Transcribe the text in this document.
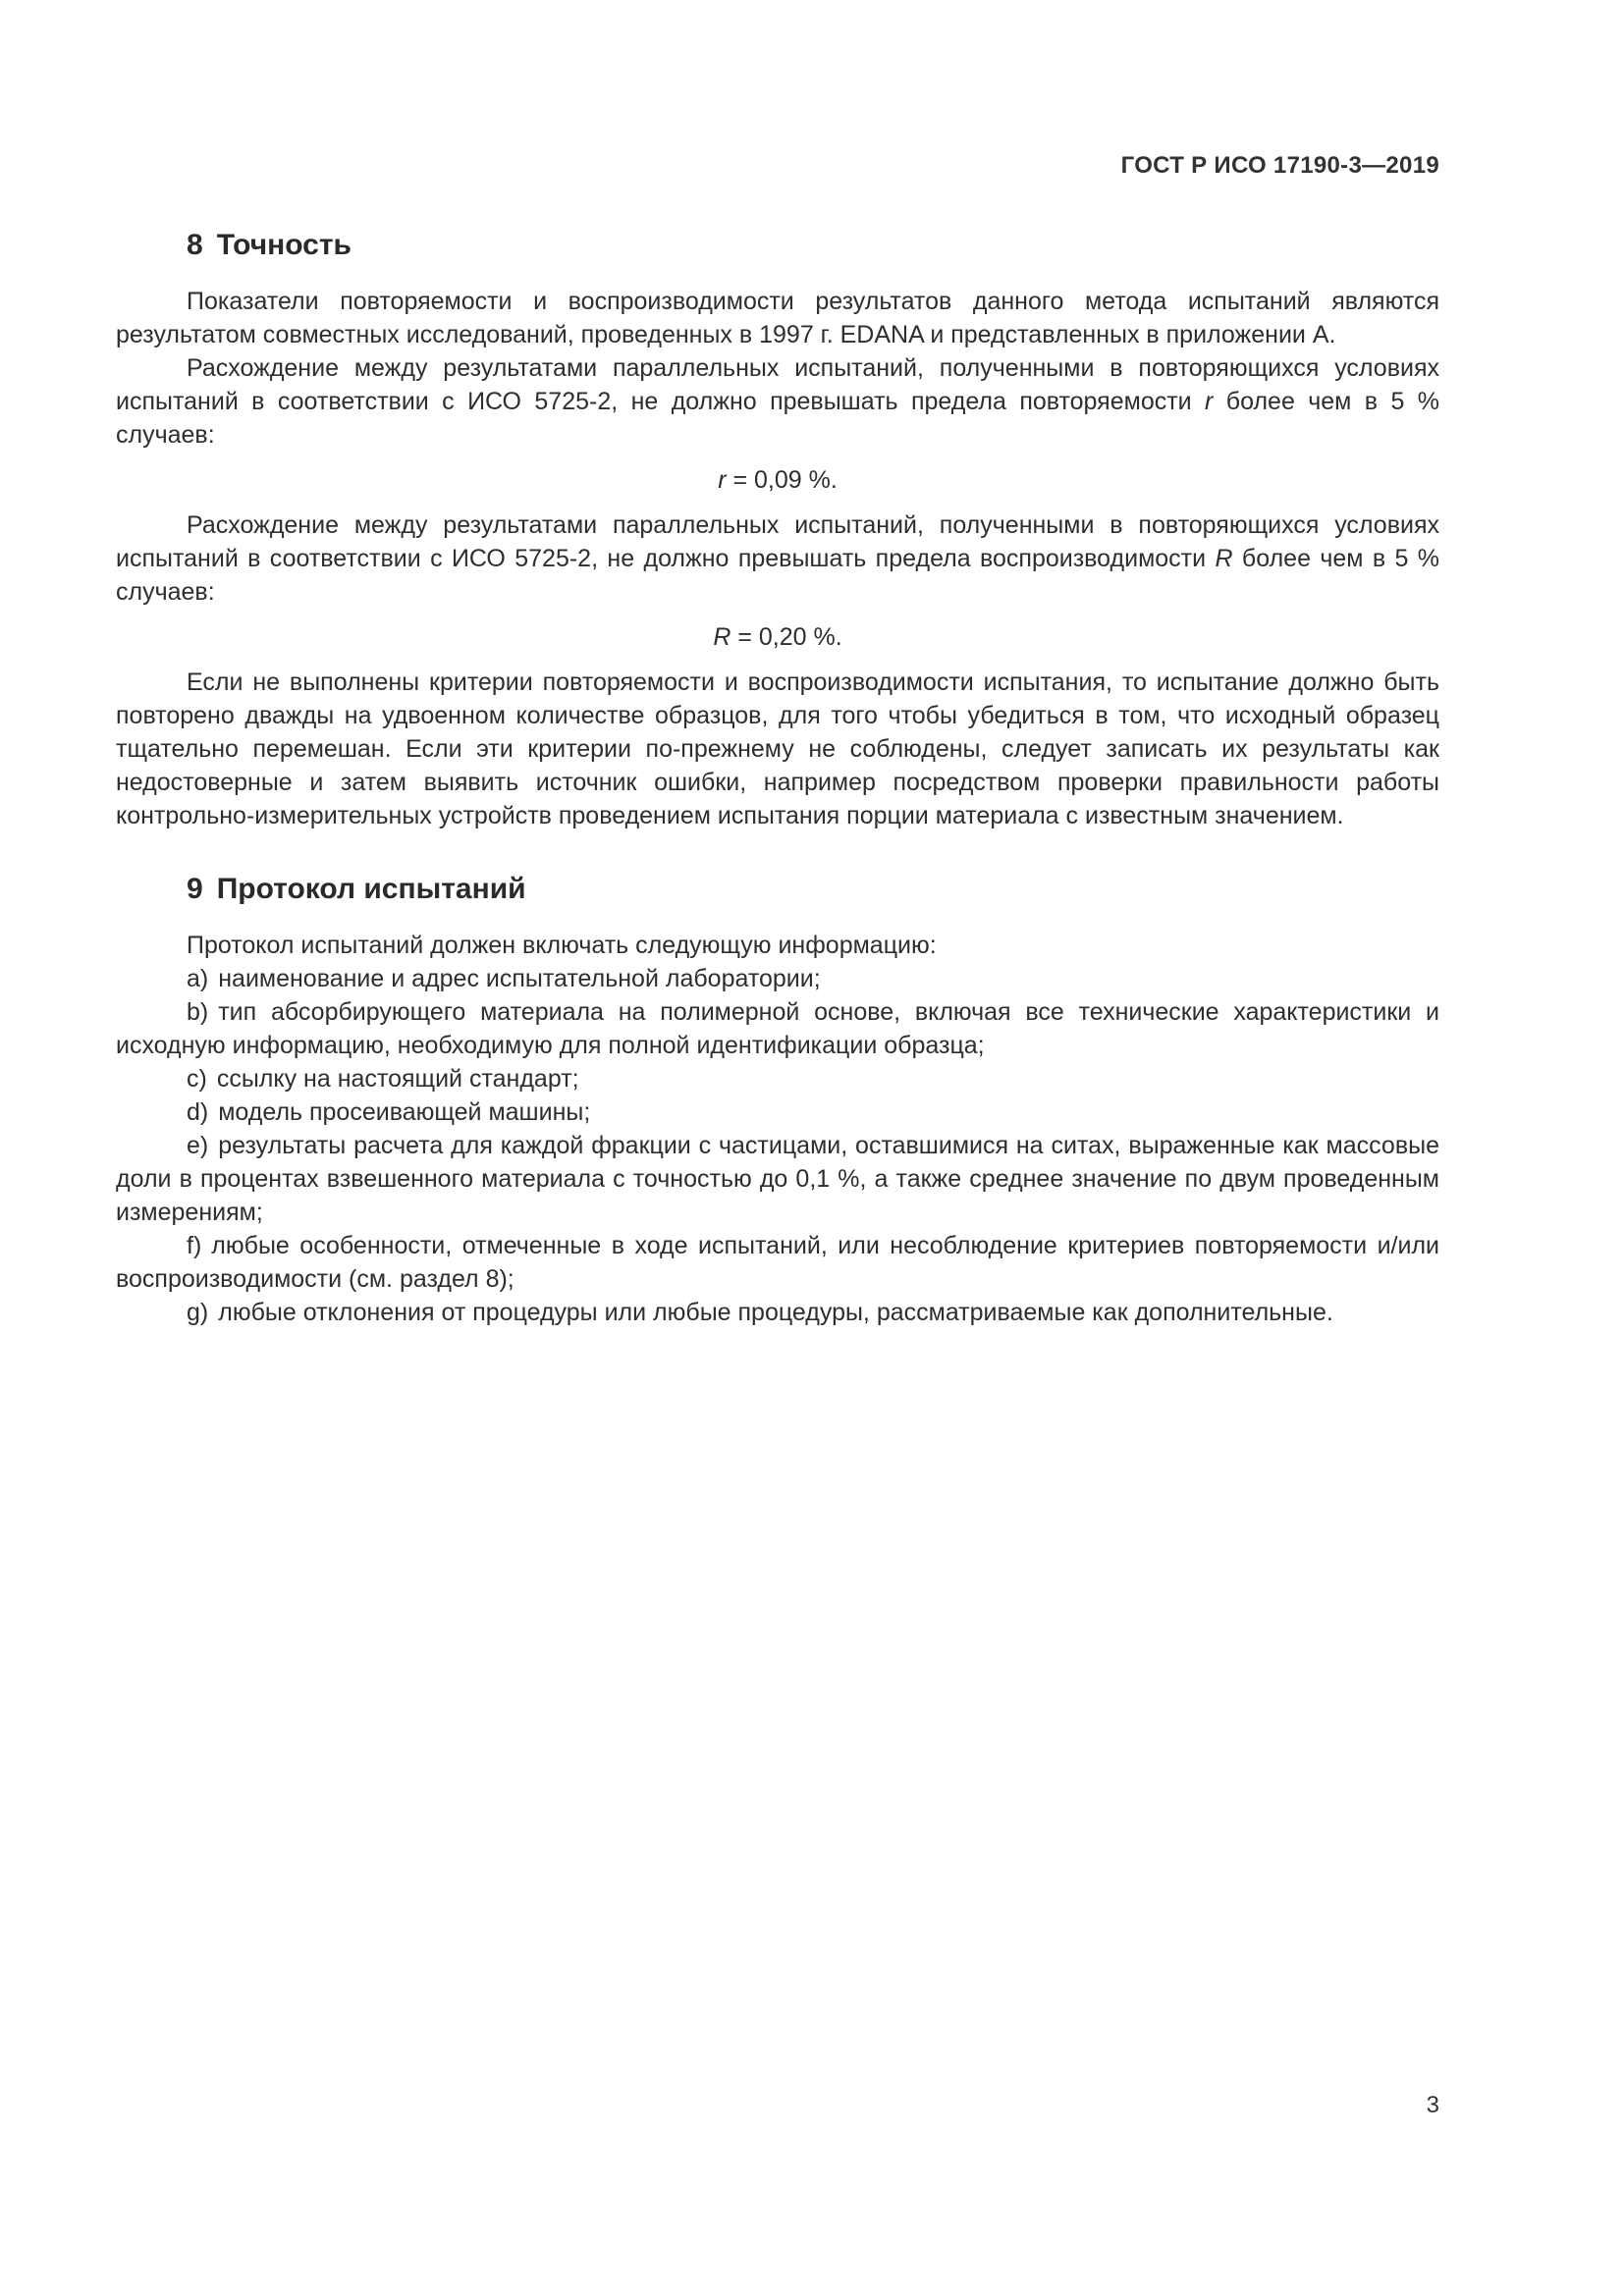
ГОСТ Р ИСО 17190-3—2019
8 Точность

Показатели повторяемости и воспроизводимости результатов данного метода испытаний являются результатом совместных исследований, проведенных в 1997 г. EDANA и представленных в приложении А.

Расхождение между результатами параллельных испытаний, полученными в повторяющихся условиях испытаний в соответствии с ИСО 5725-2, не должно превышать предела повторяемости r более чем в 5 % случаев:

r = 0,09 %.

Расхождение между результатами параллельных испытаний, полученными в повторяющихся условиях испытаний в соответствии с ИСО 5725-2, не должно превышать предела воспроизводимости R более чем в 5 % случаев:

R = 0,20 %.

Если не выполнены критерии повторяемости и воспроизводимости испытания, то испытание должно быть повторено дважды на удвоенном количестве образцов, для того чтобы убедиться в том, что исходный образец тщательно перемешан. Если эти критерии по-прежнему не соблюдены, следует записать их результаты как недостоверные и затем выявить источник ошибки, например посредством проверки правильности работы контрольно-измерительных устройств проведением испытания порции материала с известным значением.

9 Протокол испытаний

Протокол испытаний должен включать следующую информацию:

a) наименование и адрес испытательной лаборатории;

b) тип абсорбирующего материала на полимерной основе, включая все технические характеристики и исходную информацию, необходимую для полной идентификации образца;

c) ссылку на настоящий стандарт;

d) модель просеивающей машины;

e) результаты расчета для каждой фракции с частицами, оставшимися на ситах, выраженные как массовые доли в процентах взвешенного материала с точностью до 0,1 %, а также среднее значение по двум проведенным измерениям;

f) любые особенности, отмеченные в ходе испытаний, или несоблюдение критериев повторяемости и/или воспроизводимости (см. раздел 8);

g) любые отклонения от процедуры или любые процедуры, рассматриваемые как дополнительные.

3
